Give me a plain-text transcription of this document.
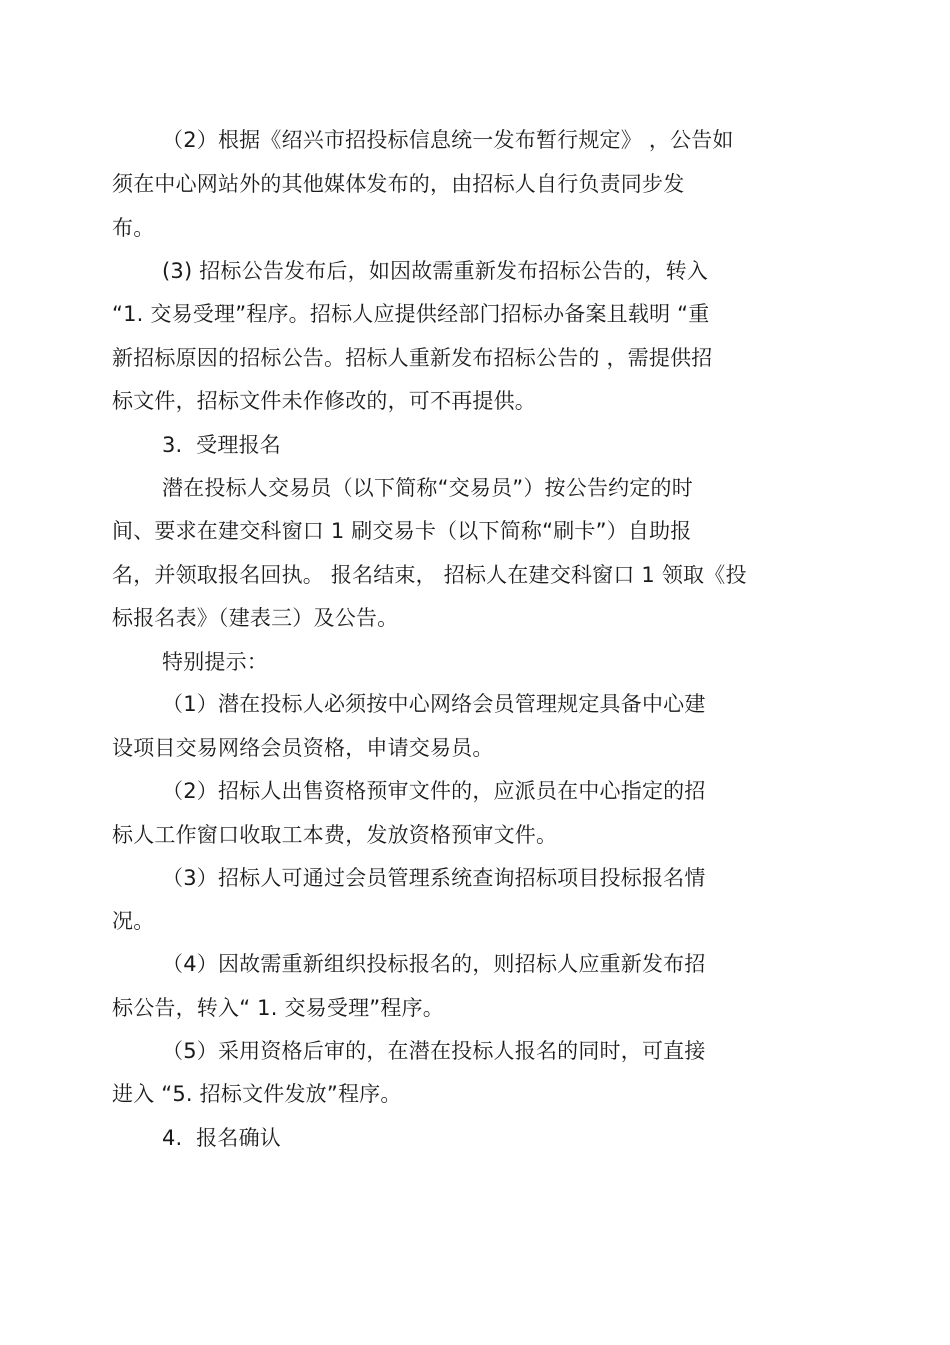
（2）根据《绍兴市招投标信息统一发布暂行规定》 ，公告如
须在中心网站外的其他媒体发布的，由招标人自行负责同步发
布。
(3) 招标公告发布后，如因故需重新发布招标公告的，转入
“1. 交易受理”程序。招标人应提供经部门招标办备案且载明 “重
新招标原因的招标公告。招标人重新发布招标公告的 ，需提供招
标文件，招标文件未作修改的，可不再提供。
3.  受理报名
潜在投标人交易员（以下简称“交易员”）按公告约定的时
间、要求在建交科窗口 1 刷交易卡（以下简称“刷卡”）自助报
名，并领取报名回执。 报名结束， 招标人在建交科窗口 1 领取《投
标报名表》（建表三）及公告。
特别提示：
（1）潜在投标人必须按中心网络会员管理规定具备中心建
设项目交易网络会员资格，申请交易员。
（2）招标人出售资格预审文件的，应派员在中心指定的招
标人工作窗口收取工本费，发放资格预审文件。
（3）招标人可通过会员管理系统查询招标项目投标报名情
况。
（4）因故需重新组织投标报名的，则招标人应重新发布招
标公告，转入“ 1. 交易受理”程序。
（5）采用资格后审的，在潜在投标人报名的同时，可直接
进入 “5. 招标文件发放”程序。
4.  报名确认
